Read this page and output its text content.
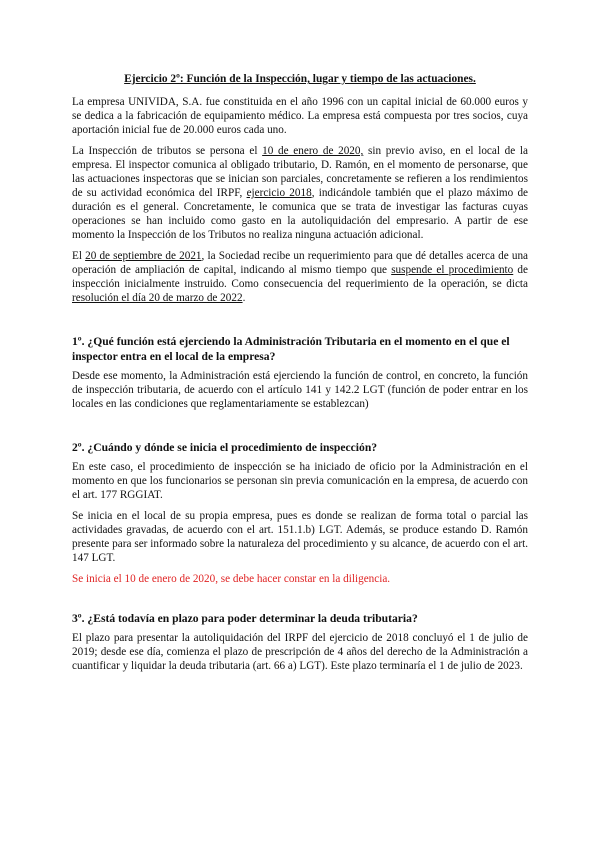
Ejercicio 2º: Función de la Inspección, lugar y tiempo de las actuaciones.

La empresa UNIVIDA, S.A. fue constituida en el año 1996 con un capital inicial de 60.000 euros y se dedica a la fabricación de equipamiento médico. La empresa está compuesta por tres socios, cuya aportación inicial fue de 20.000 euros cada uno.

La Inspección de tributos se persona el 10 de enero de 2020, sin previo aviso, en el local de la empresa. El inspector comunica al obligado tributario, D. Ramón, en el momento de personarse, que las actuaciones inspectoras que se inician son parciales, concretamente se refieren a los rendimientos de su actividad económica del IRPF, ejercicio 2018, indicándole también que el plazo máximo de duración es el general. Concretamente, le comunica que se trata de investigar las facturas cuyas operaciones se han incluido como gasto en la autoliquidación del empresario. A partir de ese momento la Inspección de los Tributos no realiza ninguna actuación adicional.

El 20 de septiembre de 2021, la Sociedad recibe un requerimiento para que dé detalles acerca de una operación de ampliación de capital, indicando al mismo tiempo que suspende el procedimiento de inspección inicialmente instruido. Como consecuencia del requerimiento de la operación, se dicta resolución el día 20 de marzo de 2022.

1º. ¿Qué función está ejerciendo la Administración Tributaria en el momento en el que el inspector entra en el local de la empresa?

Desde ese momento, la Administración está ejerciendo la función de control, en concreto, la función de inspección tributaria, de acuerdo con el artículo 141 y 142.2 LGT (función de poder entrar en los locales en las condiciones que reglamentariamente se establezcan)

2º. ¿Cuándo y dónde se inicia el procedimiento de inspección?

En este caso, el procedimiento de inspección se ha iniciado de oficio por la Administración en el momento en que los funcionarios se personan sin previa comunicación en la empresa, de acuerdo con el art. 177 RGGIAT.

Se inicia en el local de su propia empresa, pues es donde se realizan de forma total o parcial las actividades gravadas, de acuerdo con el art. 151.1.b) LGT. Además, se produce estando D. Ramón presente para ser informado sobre la naturaleza del procedimiento y su alcance, de acuerdo con el art. 147 LGT.

Se inicia el 10 de enero de 2020, se debe hacer constar en la diligencia.

3º. ¿Está todavía en plazo para poder determinar la deuda tributaria?

El plazo para presentar la autoliquidación del IRPF del ejercicio de 2018 concluyó el 1 de julio de 2019; desde ese día, comienza el plazo de prescripción de 4 años del derecho de la Administración a cuantificar y liquidar la deuda tributaria (art. 66 a) LGT). Este plazo terminaría el 1 de julio de 2023.
